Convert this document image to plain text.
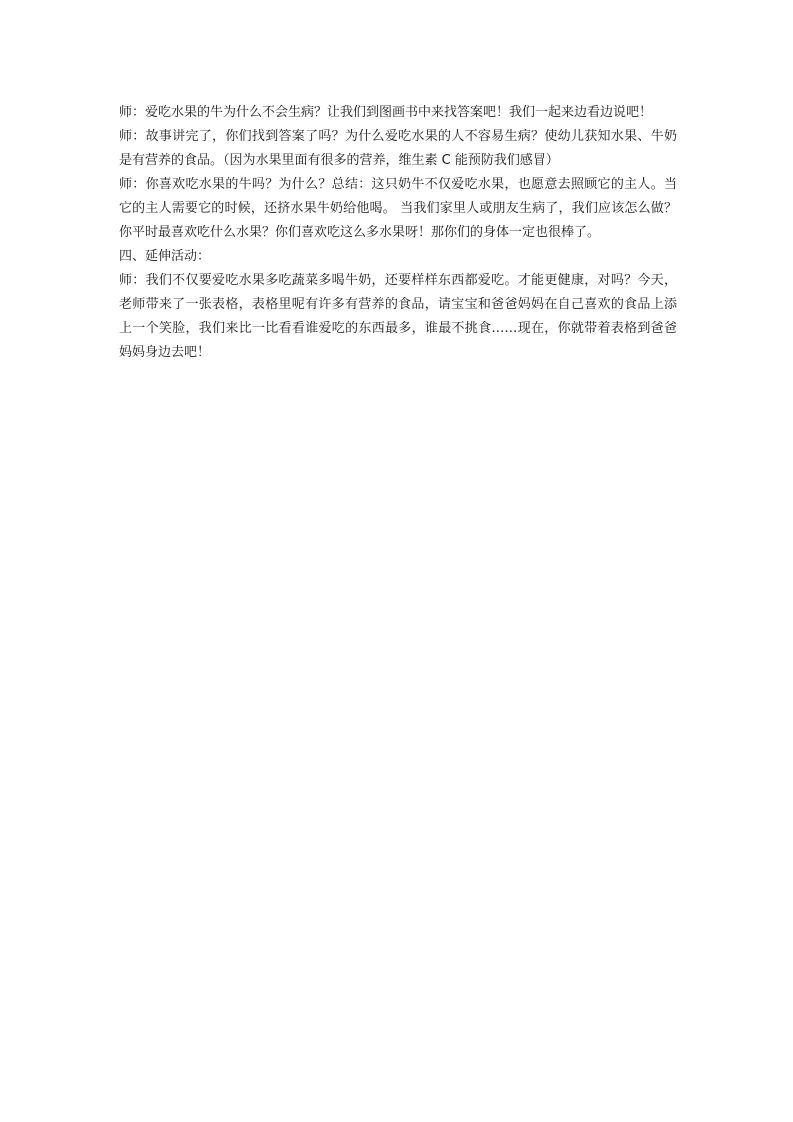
师：爱吃水果的牛为什么不会生病？让我们到图画书中来找答案吧！我们一起来边看边说吧！

师：故事讲完了，你们找到答案了吗？为什么爱吃水果的人不容易生病？使幼儿获知水果、牛奶是有营养的食品。（因为水果里面有很多的营养，维生素 C 能预防我们感冒）

师：你喜欢吃水果的牛吗？为什么？总结：这只奶牛不仅爱吃水果，也愿意去照顾它的主人。当它的主人需要它的时候，还挤水果牛奶给他喝。 当我们家里人或朋友生病了，我们应该怎么做？你平时最喜欢吃什么水果？你们喜欢吃这么多水果呀！那你们的身体一定也很棒了。

四、延伸活动：

师：我们不仅要爱吃水果多吃蔬菜多喝牛奶，还要样样东西都爱吃。才能更健康，对吗？今天，老师带来了一张表格，表格里呢有许多有营养的食品，请宝宝和爸爸妈妈在自己喜欢的食品上添上一个笑脸，我们来比一比看看谁爱吃的东西最多，谁最不挑食……现在，你就带着表格到爸爸妈妈身边去吧！
